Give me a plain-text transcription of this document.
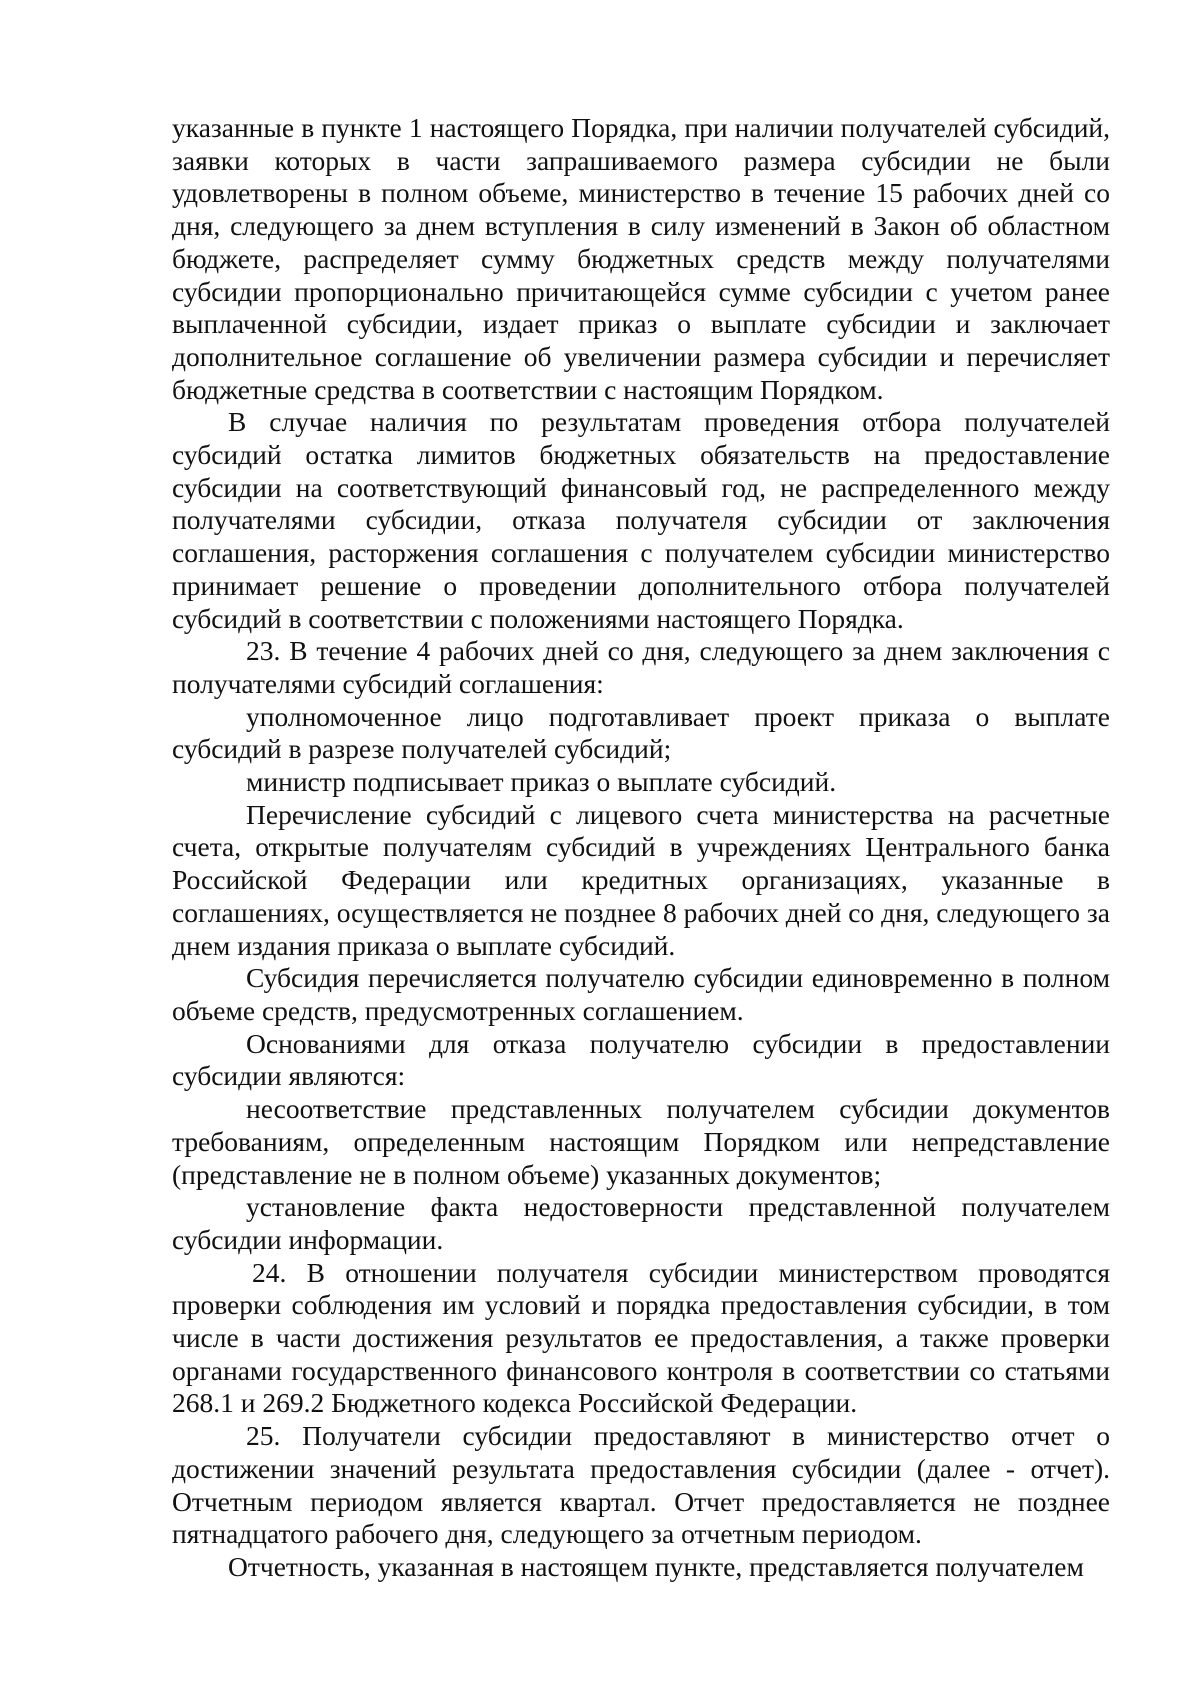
указанные в пункте 1 настоящего Порядка, при наличии получателей субсидий, заявки которых в части запрашиваемого размера субсидии не были удовлетворены в полном объеме, министерство в течение 15 рабочих дней со дня, следующего за днем вступления в силу изменений в Закон об областном бюджете, распределяет сумму бюджетных средств между получателями субсидии пропорционально причитающейся сумме субсидии с учетом ранее выплаченной субсидии, издает приказ о выплате субсидии и заключает дополнительное соглашение об увеличении размера субсидии и перечисляет бюджетные средства в соответствии с настоящим Порядком.

В случае наличия по результатам проведения отбора получателей субсидий остатка лимитов бюджетных обязательств на предоставление субсидии на соответствующий финансовый год, не распределенного между получателями субсидии, отказа получателя субсидии от заключения соглашения, расторжения соглашения с получателем субсидии министерство принимает решение о проведении дополнительного отбора получателей субсидий в соответствии с положениями настоящего Порядка.

23. В течение 4 рабочих дней со дня, следующего за днем заключения с получателями субсидий соглашения:

уполномоченное лицо подготавливает проект приказа о выплате субсидий в разрезе получателей субсидий;

министр подписывает приказ о выплате субсидий.

Перечисление субсидий с лицевого счета министерства на расчетные счета, открытые получателям субсидий в учреждениях Центрального банка Российской Федерации или кредитных организациях, указанные в соглашениях, осуществляется не позднее 8 рабочих дней со дня, следующего за днем издания приказа о выплате субсидий.

Субсидия перечисляется получателю субсидии единовременно в полном объеме средств, предусмотренных соглашением.

Основаниями для отказа получателю субсидии в предоставлении субсидии являются:

несоответствие представленных получателем субсидии документов требованиям, определенным настоящим Порядком или непредставление (представление не в полном объеме) указанных документов;

установление факта недостоверности представленной получателем субсидии информации.

24. В отношении получателя субсидии министерством проводятся проверки соблюдения им условий и порядка предоставления субсидии, в том числе в части достижения результатов ее предоставления, а также проверки органами государственного финансового контроля в соответствии со статьями 268.1 и 269.2 Бюджетного кодекса Российской Федерации.

25. Получатели субсидии предоставляют в министерство отчет о достижении значений результата предоставления субсидии (далее - отчет). Отчетным периодом является квартал. Отчет предоставляется не позднее пятнадцатого рабочего дня, следующего за отчетным периодом.

Отчетность, указанная в настоящем пункте, представляется получателем
